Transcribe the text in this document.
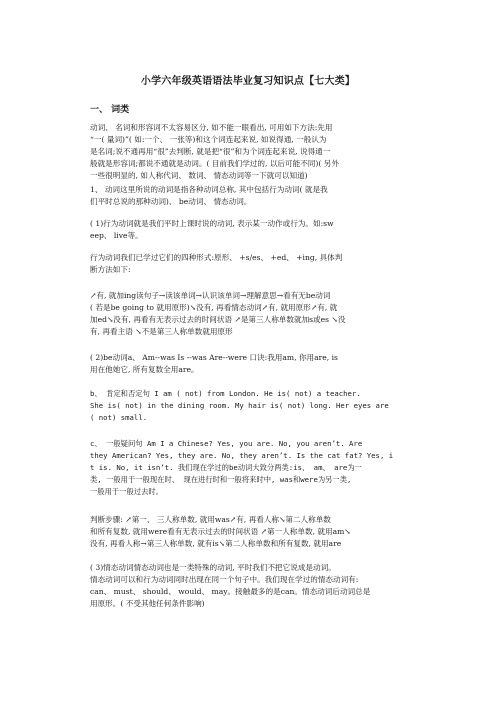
小学六年级英语语法毕业复习知识点【七大类】
一、 词类

动词、 名词和形容词不太容易区分, 如不能一眼看出, 可用如下方法:先用
“一( 量词)”( 如:一个、 一张等)和这个词连起来说, 如说得通, 一般认为
是名词;说不通再用“很”去判断, 就是把“很”和为个词连起来说, 说得通一
般就是形容词;都说不通就是动词。( 目前我们学过的, 以后可能不同)( 另外
一些很明显的, 如人称代词、 数词、 情态动词等一下就可以知道)

1、 动词这里所说的动词是指各种动词总称, 其中包括行为动词( 就是我
们平时总说的那种动词)、 be动词、 情态动词。

( 1)行为动词就是我们平时上课时说的动词, 表示某一动作或行为。如:sw
eep、 live等。

行为动词我们已学过它们的四种形式:原形、 +s/es、 +ed、 +ing, 具体判
断方法如下:

↗有, 就加ing读句子→读该单词→认识该单词→理解意思→看有无be动词
( 若是be going to 就用原形)↘没有, 再看情态动词↗有, 就用原形↗有, 就
加ed↘没有, 再看有无表示过去的时间状语 ↗是第三人称单数就加s或es ↘没
有, 再看主语 ↘不是第三人称单数就用原形

( 2)be动词a、 Am--was Is --was Are--were 口诀:我用am, 你用are, is
用在他她它, 所有复数全用are。

b、 肯定和否定句 I am ( not) from London. He is( not) a teacher.
She is( not) in the dining room. My hair is( not) long. Her eyes are
( not) small.

c、 一般疑问句 Am I a Chinese? Yes, you are. No, you aren’t. Are
they American? Yes, they are. No, they aren’t. Is the cat fat? Yes, i
t is. No, it isn’t. 我们现在学过的be动词大致分两类:is、 am、 are为一
类, 一般用于一般现在时、 现在进行时和一般将来时中, was和were为另一类,
一般用于一般过去时。

判断步骤: ↗第一、 三人称单数, 就用was↗有, 再看人称↘第二人称单数
和所有复数, 就用were看有无表示过去的时间状语 ↗第一人称单数, 就用am↘
没有, 再看人称→第三人称单数, 就有is↘第二人称单数和所有复数, 就用are

( 3)情态动词情态动词也是一类特殊的动词, 平时我们不把它说成是动词。
情态动词可以和行为动词同时出现在同一个句子中。我们现在学过的情态动词有:
can、 must、 should、 would、 may。接触最多的是can。情态动词后动词总是
用原形。( 不受其他任何条件影响)
